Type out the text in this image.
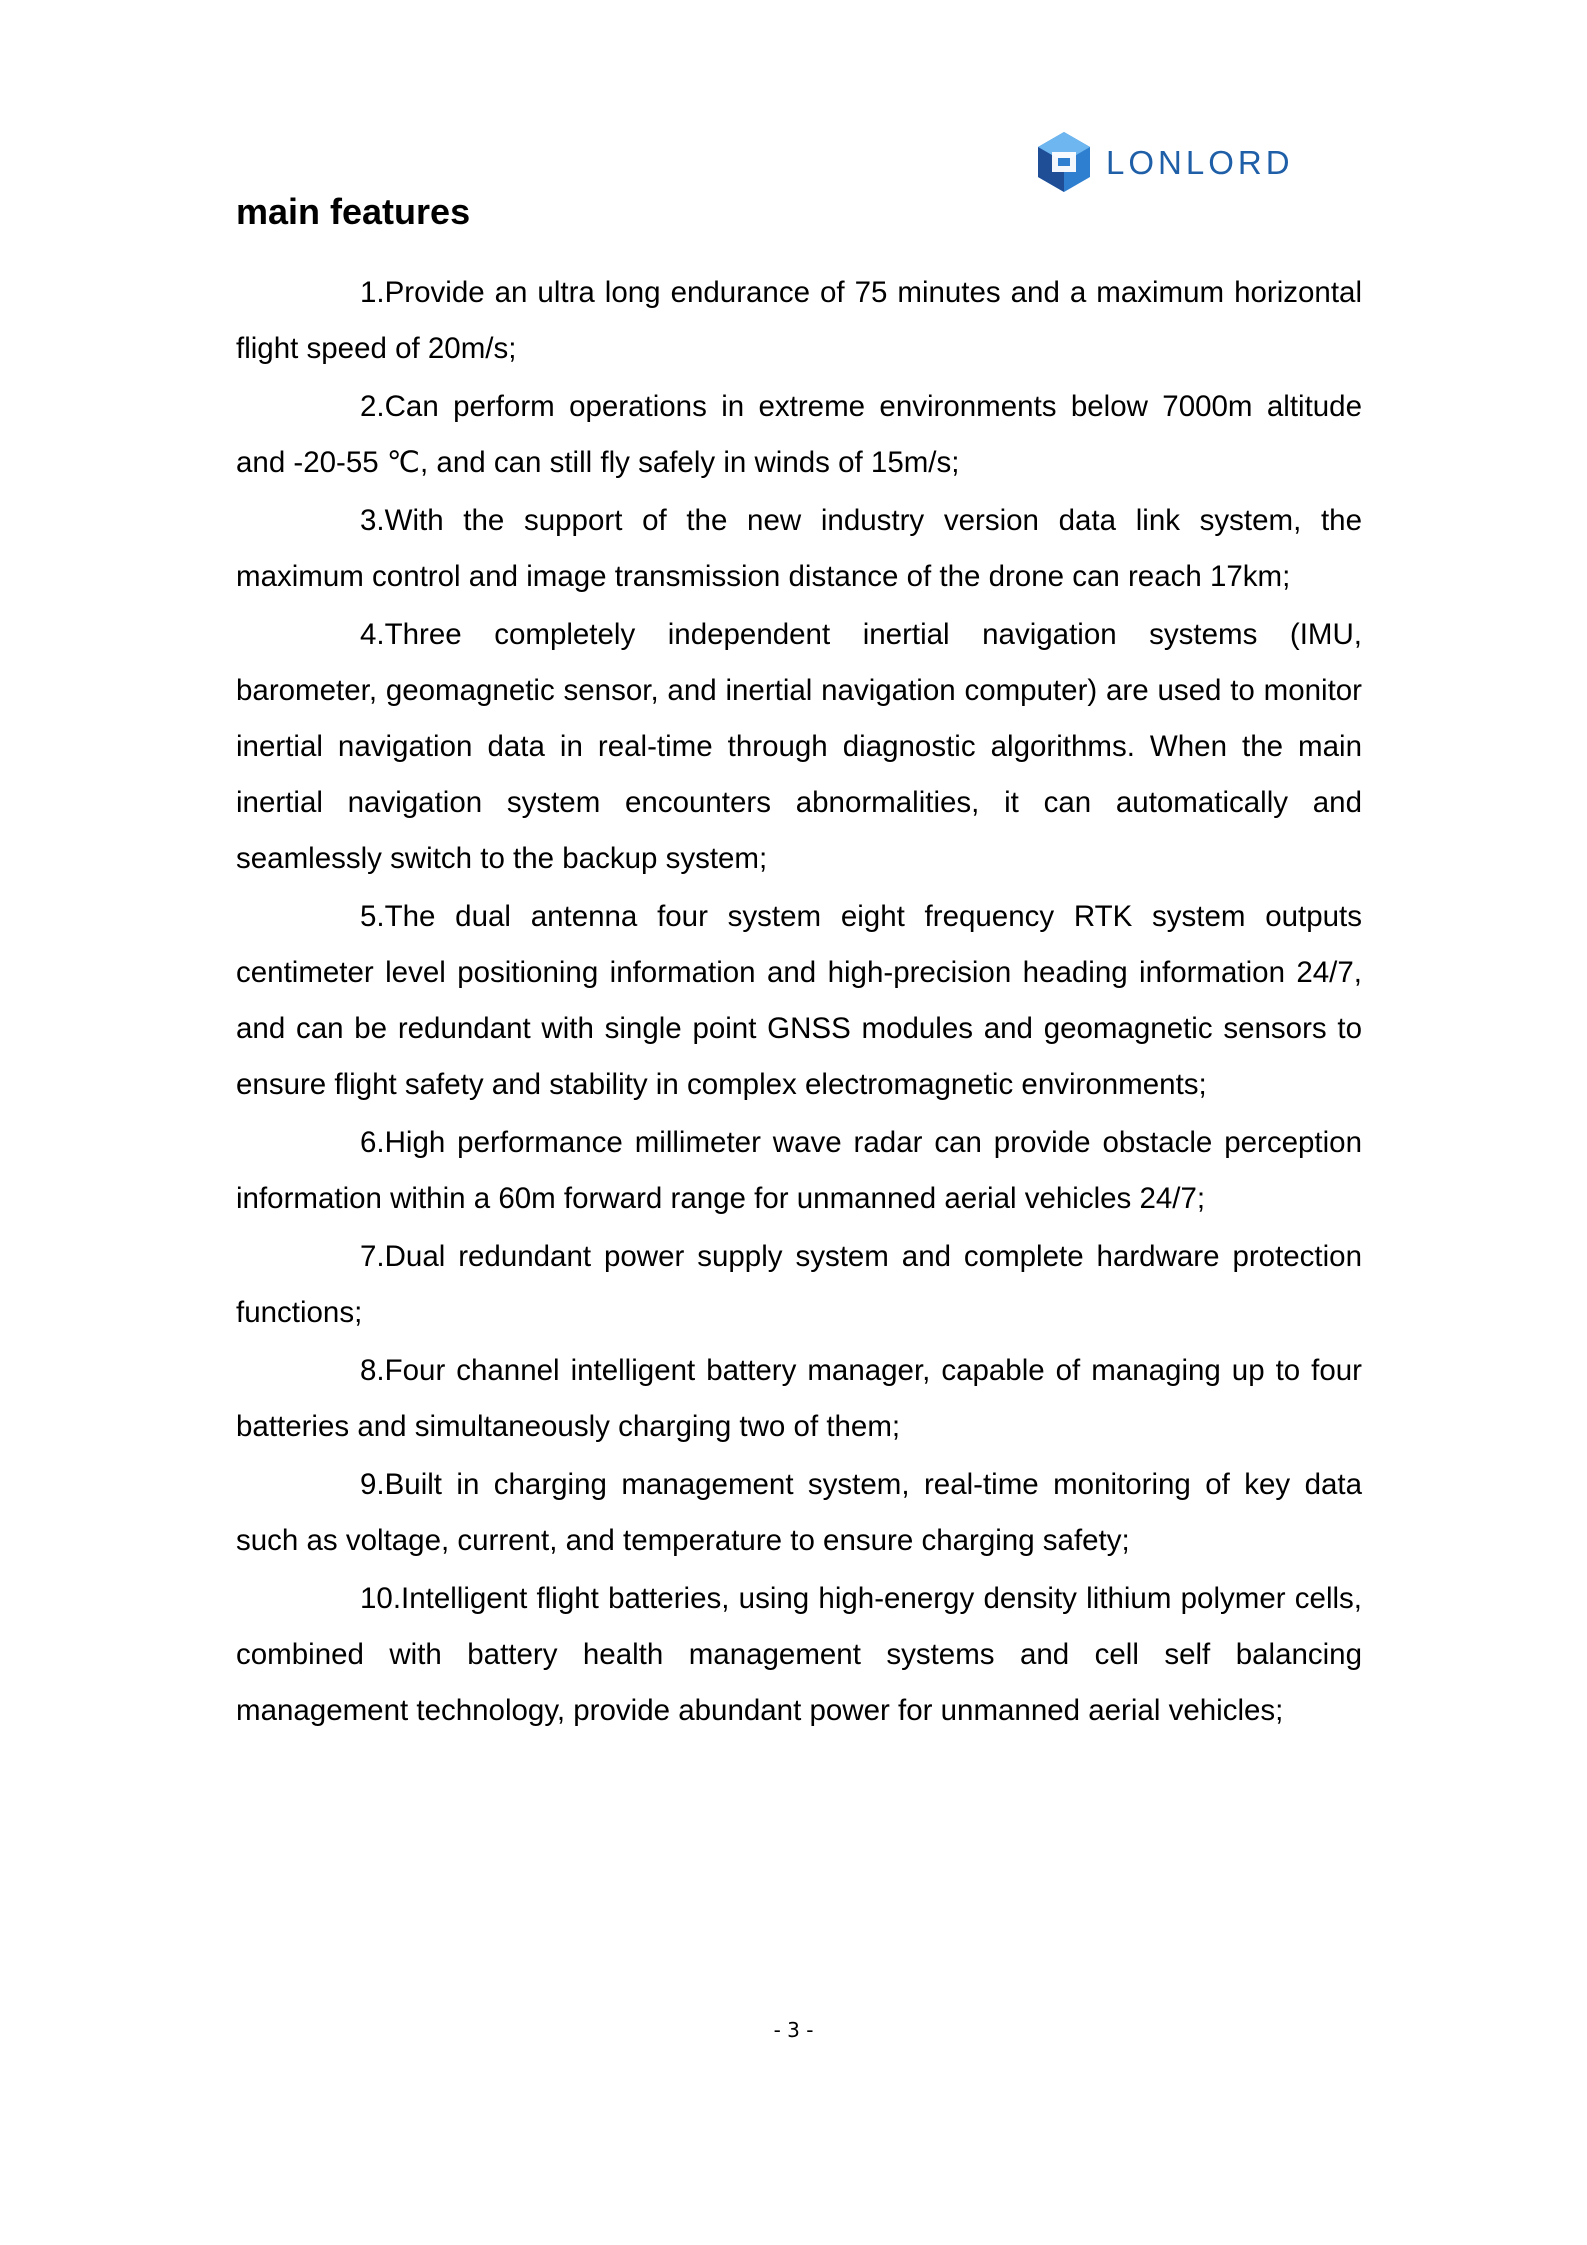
LONLORD
main features
1.Provide an ultra long endurance of 75 minutes and a maximum horizontal flight speed of 20m/s;
2.Can perform operations in extreme environments below 7000m altitude and -20-55 ℃, and can still fly safely in winds of 15m/s;
3.With the support of the new industry version data link system, the maximum control and image transmission distance of the drone can reach 17km;
4.Three completely independent inertial navigation systems (IMU, barometer, geomagnetic sensor, and inertial navigation computer) are used to monitor inertial navigation data in real-time through diagnostic algorithms. When the main inertial navigation system encounters abnormalities, it can automatically and seamlessly switch to the backup system;
5.The dual antenna four system eight frequency RTK system outputs centimeter level positioning information and high-precision heading information 24/7, and can be redundant with single point GNSS modules and geomagnetic sensors to ensure flight safety and stability in complex electromagnetic environments;
6.High performance millimeter wave radar can provide obstacle perception information within a 60m forward range for unmanned aerial vehicles 24/7;
7.Dual redundant power supply system and complete hardware protection functions;
8.Four channel intelligent battery manager, capable of managing up to four batteries and simultaneously charging two of them;
9.Built in charging management system, real-time monitoring of key data such as voltage, current, and temperature to ensure charging safety;
10.Intelligent flight batteries, using high-energy density lithium polymer cells, combined with battery health management systems and cell self balancing management technology, provide abundant power for unmanned aerial vehicles;
- 3 -
